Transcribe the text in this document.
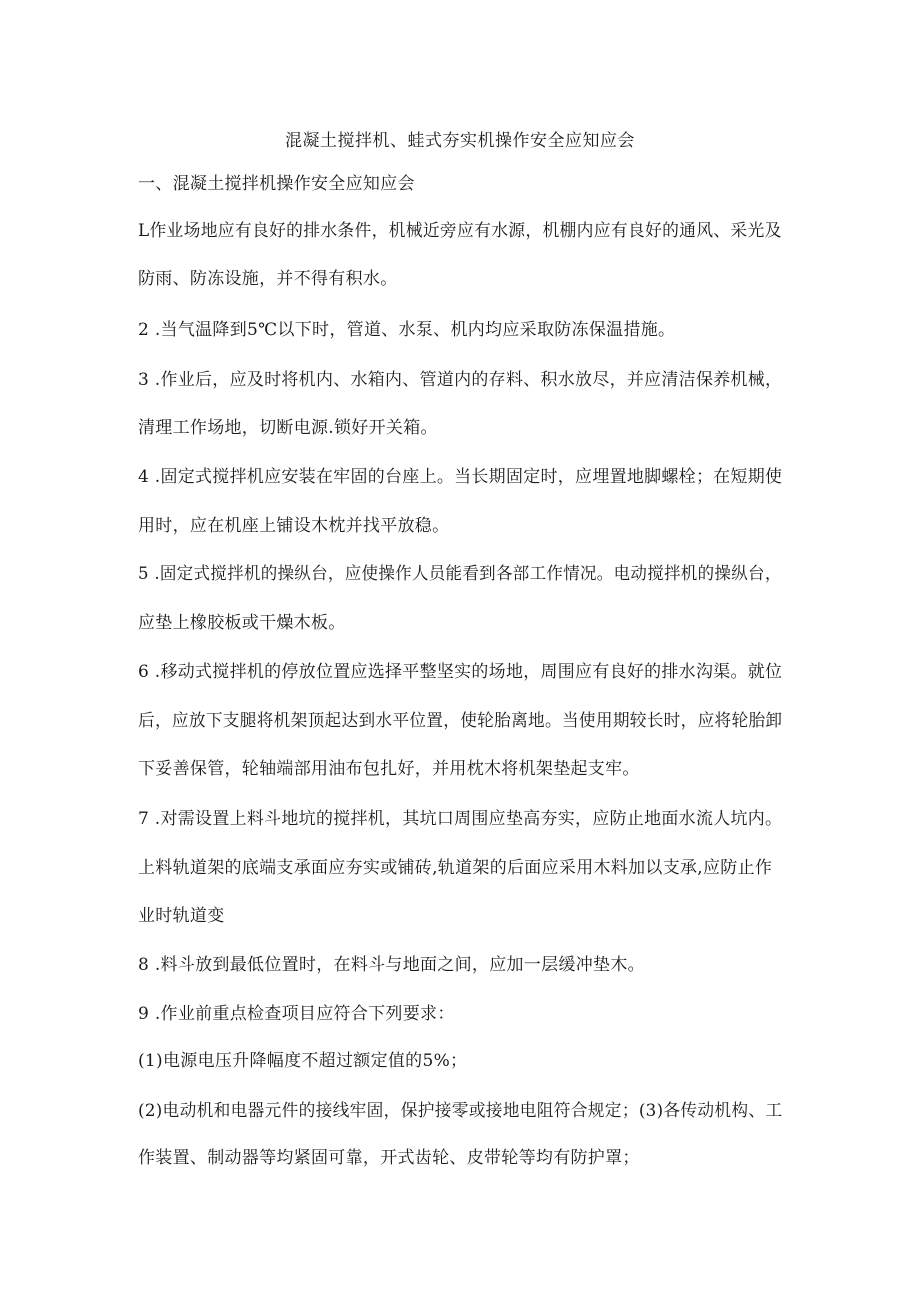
混凝土搅拌机、蛙式夯实机操作安全应知应会
一、混凝土搅拌机操作安全应知应会
L作业场地应有良好的排水条件，机械近旁应有水源，机棚内应有良好的通风、采光及
防雨、防冻设施，并不得有积水。
2 .当气温降到5℃以下时，管道、水泵、机内均应采取防冻保温措施。
3 .作业后，应及时将机内、水箱内、管道内的存料、积水放尽，并应清洁保养机械，
清理工作场地，切断电源.锁好开关箱。
4 .固定式搅拌机应安装在牢固的台座上。当长期固定时，应埋置地脚螺栓；在短期使
用时，应在机座上铺设木枕并找平放稳。
5 .固定式搅拌机的操纵台，应使操作人员能看到各部工作情况。电动搅拌机的操纵台，
应垫上橡胶板或干燥木板。
6 .移动式搅拌机的停放位置应选择平整坚实的场地，周围应有良好的排水沟渠。就位
后，应放下支腿将机架顶起达到水平位置，使轮胎离地。当使用期较长时，应将轮胎卸
下妥善保管，轮轴端部用油布包扎好，并用枕木将机架垫起支牢。
7 .对需设置上料斗地坑的搅拌机，其坑口周围应垫高夯实，应防止地面水流人坑内。
上料轨道架的底端支承面应夯实或铺砖,轨道架的后面应采用木料加以支承,应防止作
业时轨道变
8 .料斗放到最低位置时，在料斗与地面之间，应加一层缓冲垫木。
9 .作业前重点检查项目应符合下列要求：
(1)电源电压升降幅度不超过额定值的5%；
(2)电动机和电器元件的接线牢固，保护接零或接地电阻符合规定；(3)各传动机构、工
作装置、制动器等均紧固可靠，开式齿轮、皮带轮等均有防护罩；
